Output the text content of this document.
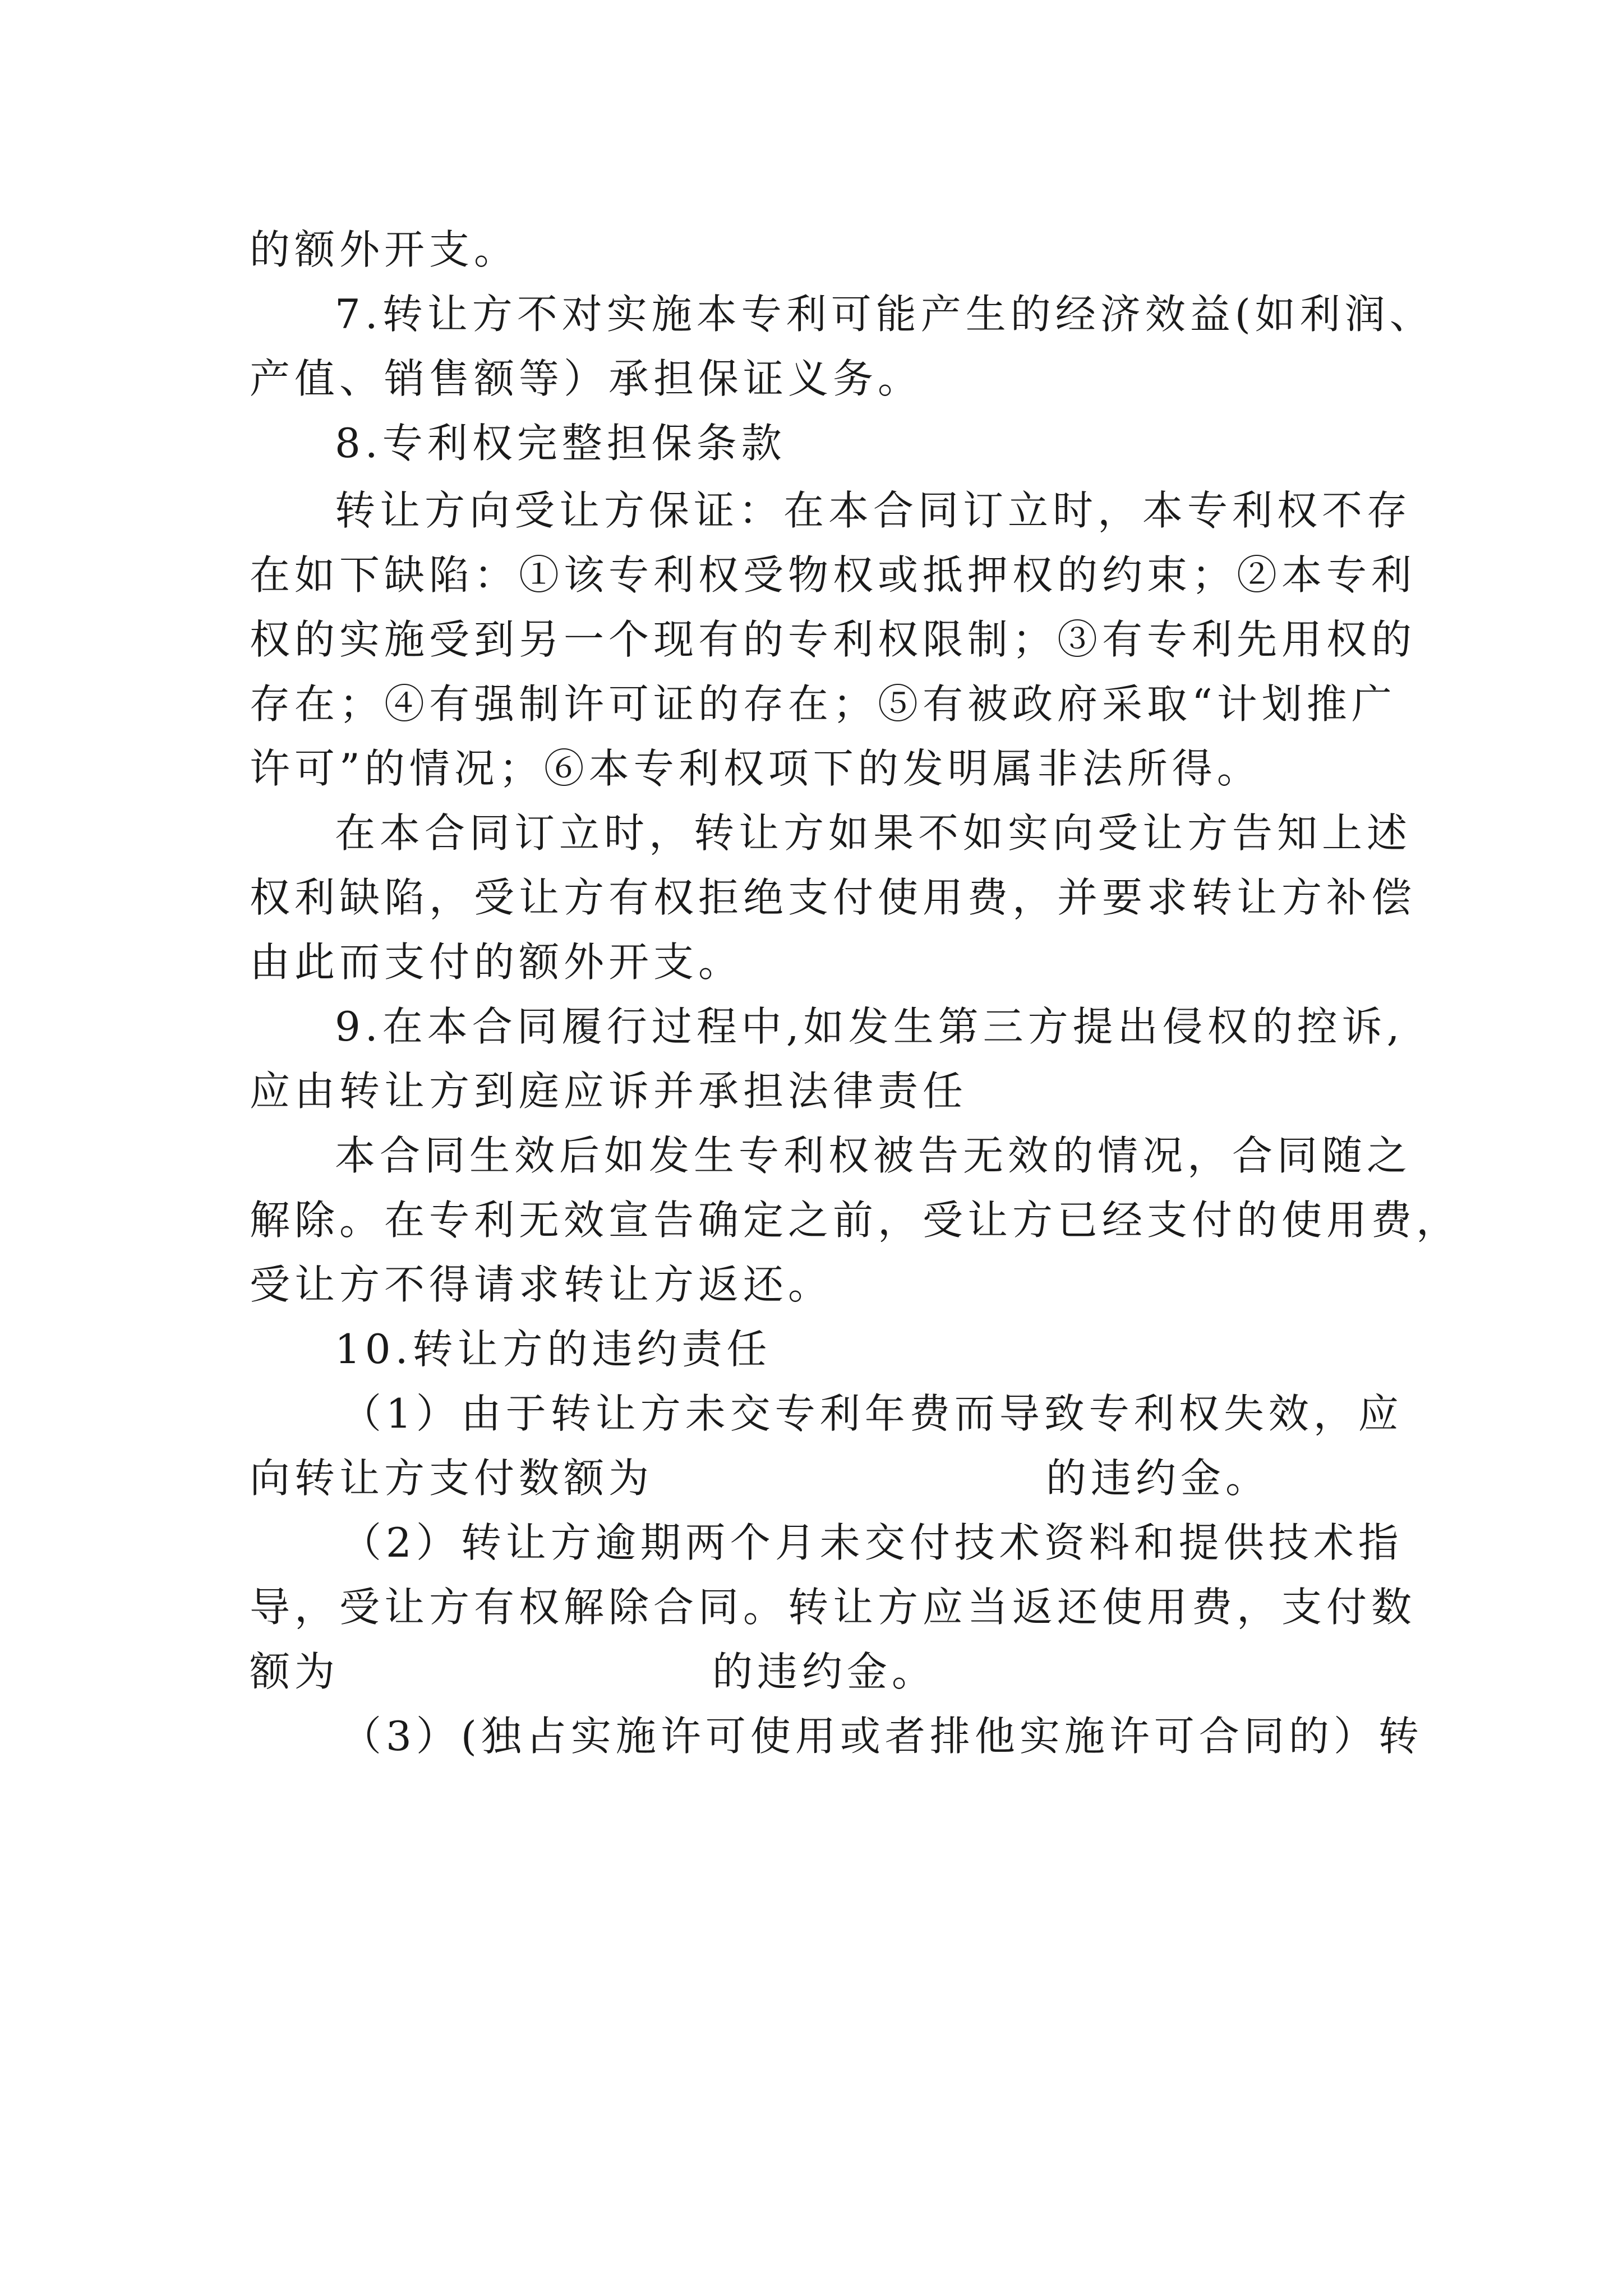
的额外开支。
7.转让方不对实施本专利可能产生的经济效益(如利润、
产值、销售额等）承担保证义务。
8.专利权完整担保条款
转让方向受让方保证：在本合同订立时，本专利权不存
在如下缺陷：①该专利权受物权或抵押权的约束；②本专利
权的实施受到另一个现有的专利权限制；③有专利先用权的
存在；④有强制许可证的存在；⑤有被政府采取“计划推广
许可”的情况；⑥本专利权项下的发明属非法所得。
在本合同订立时，转让方如果不如实向受让方告知上述
权利缺陷，受让方有权拒绝支付使用费，并要求转让方补偿
由此而支付的额外开支。
9.在本合同履行过程中,如发生第三方提出侵权的控诉,
应由转让方到庭应诉并承担法律责任
本合同生效后如发生专利权被告无效的情况，合同随之
解除。在专利无效宣告确定之前，受让方已经支付的使用费，
受让方不得请求转让方返还。
10.转让方的违约责任
（1）由于转让方未交专利年费而导致专利权失效，应
向转让方支付数额为	的违约金。
（2）转让方逾期两个月未交付技术资料和提供技术指
导，受让方有权解除合同。转让方应当返还使用费，支付数
额为	的违约金。
（3）(独占实施许可使用或者排他实施许可合同的）转
